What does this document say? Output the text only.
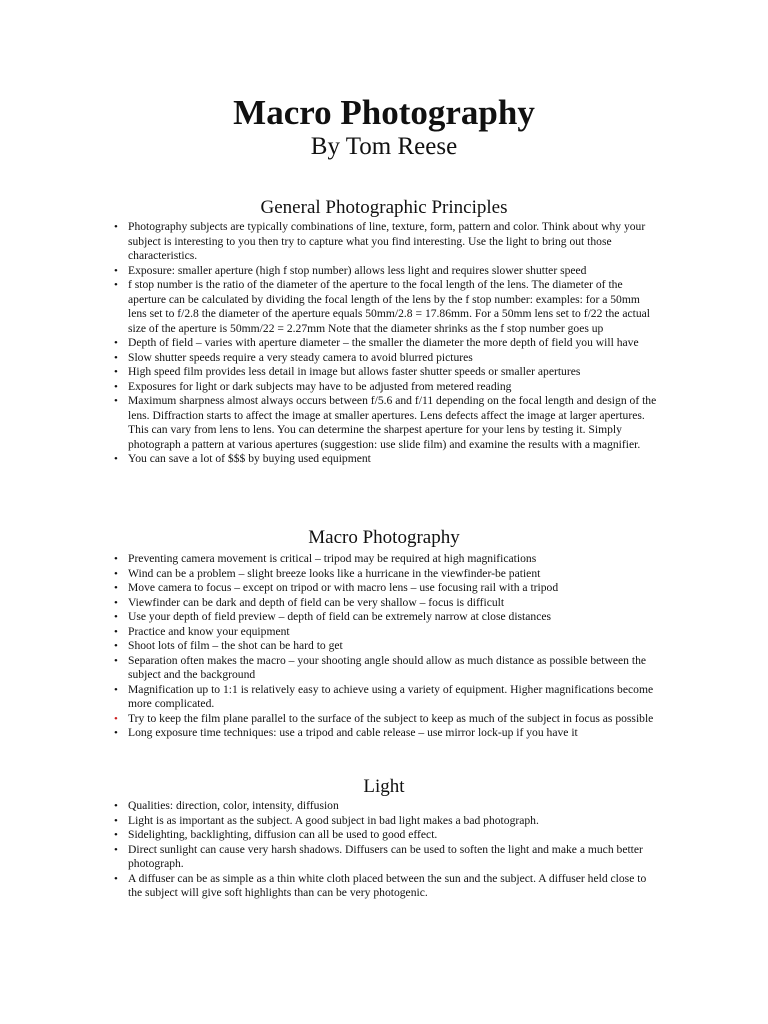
Macro Photography
By Tom Reese
General Photographic Principles
• Photography subjects are typically combinations of line, texture, form, pattern and color. Think about why your subject is interesting to you then try to capture what you find interesting. Use the light to bring out those characteristics.
• Exposure: smaller aperture (high f stop number) allows less light and requires slower shutter speed
• f stop number is the ratio of the diameter of the aperture to the focal length of the lens. The diameter of the aperture can be calculated by dividing the focal length of the lens by the f stop number: examples: for a 50mm lens set to f/2.8 the diameter of the aperture equals 50mm/2.8 = 17.86mm. For a 50mm lens set to f/22 the actual size of the aperture is 50mm/22 = 2.27mm Note that the diameter shrinks as the f stop number goes up
• Depth of field – varies with aperture diameter – the smaller the diameter the more depth of field you will have
• Slow shutter speeds require a very steady camera to avoid blurred pictures
• High speed film provides less detail in image but allows faster shutter speeds or smaller apertures
• Exposures for light or dark subjects may have to be adjusted from metered reading
• Maximum sharpness almost always occurs between f/5.6 and f/11 depending on the focal length and design of the lens. Diffraction starts to affect the image at smaller apertures. Lens defects affect the image at larger apertures. This can vary from lens to lens. You can determine the sharpest aperture for your lens by testing it. Simply photograph a pattern at various apertures (suggestion: use slide film) and examine the results with a magnifier.
• You can save a lot of $$$ by buying used equipment
Macro Photography
• Preventing camera movement is critical – tripod may be required at high magnifications
• Wind can be a problem – slight breeze looks like a hurricane in the viewfinder-be patient
• Move camera to focus – except on tripod or with macro lens – use focusing rail with a tripod
• Viewfinder can be dark and depth of field can be very shallow – focus is difficult
• Use your depth of field preview – depth of field can be extremely narrow at close distances
• Practice and know your equipment
• Shoot lots of film – the shot can be hard to get
• Separation often makes the macro – your shooting angle should allow as much distance as possible between the subject and the background
• Magnification up to 1:1 is relatively easy to achieve using a variety of equipment. Higher magnifications become more complicated.
• Try to keep the film plane parallel to the surface of the subject to keep as much of the subject in focus as possible
• Long exposure time techniques: use a tripod and cable release – use mirror lock-up if you have it
Light
• Qualities: direction, color, intensity, diffusion
• Light is as important as the subject. A good subject in bad light makes a bad photograph.
• Sidelighting, backlighting, diffusion can all be used to good effect.
• Direct sunlight can cause very harsh shadows. Diffusers can be used to soften the light and make a much better photograph.
• A diffuser can be as simple as a thin white cloth placed between the sun and the subject. A diffuser held close to the subject will give soft highlights than can be very photogenic.
